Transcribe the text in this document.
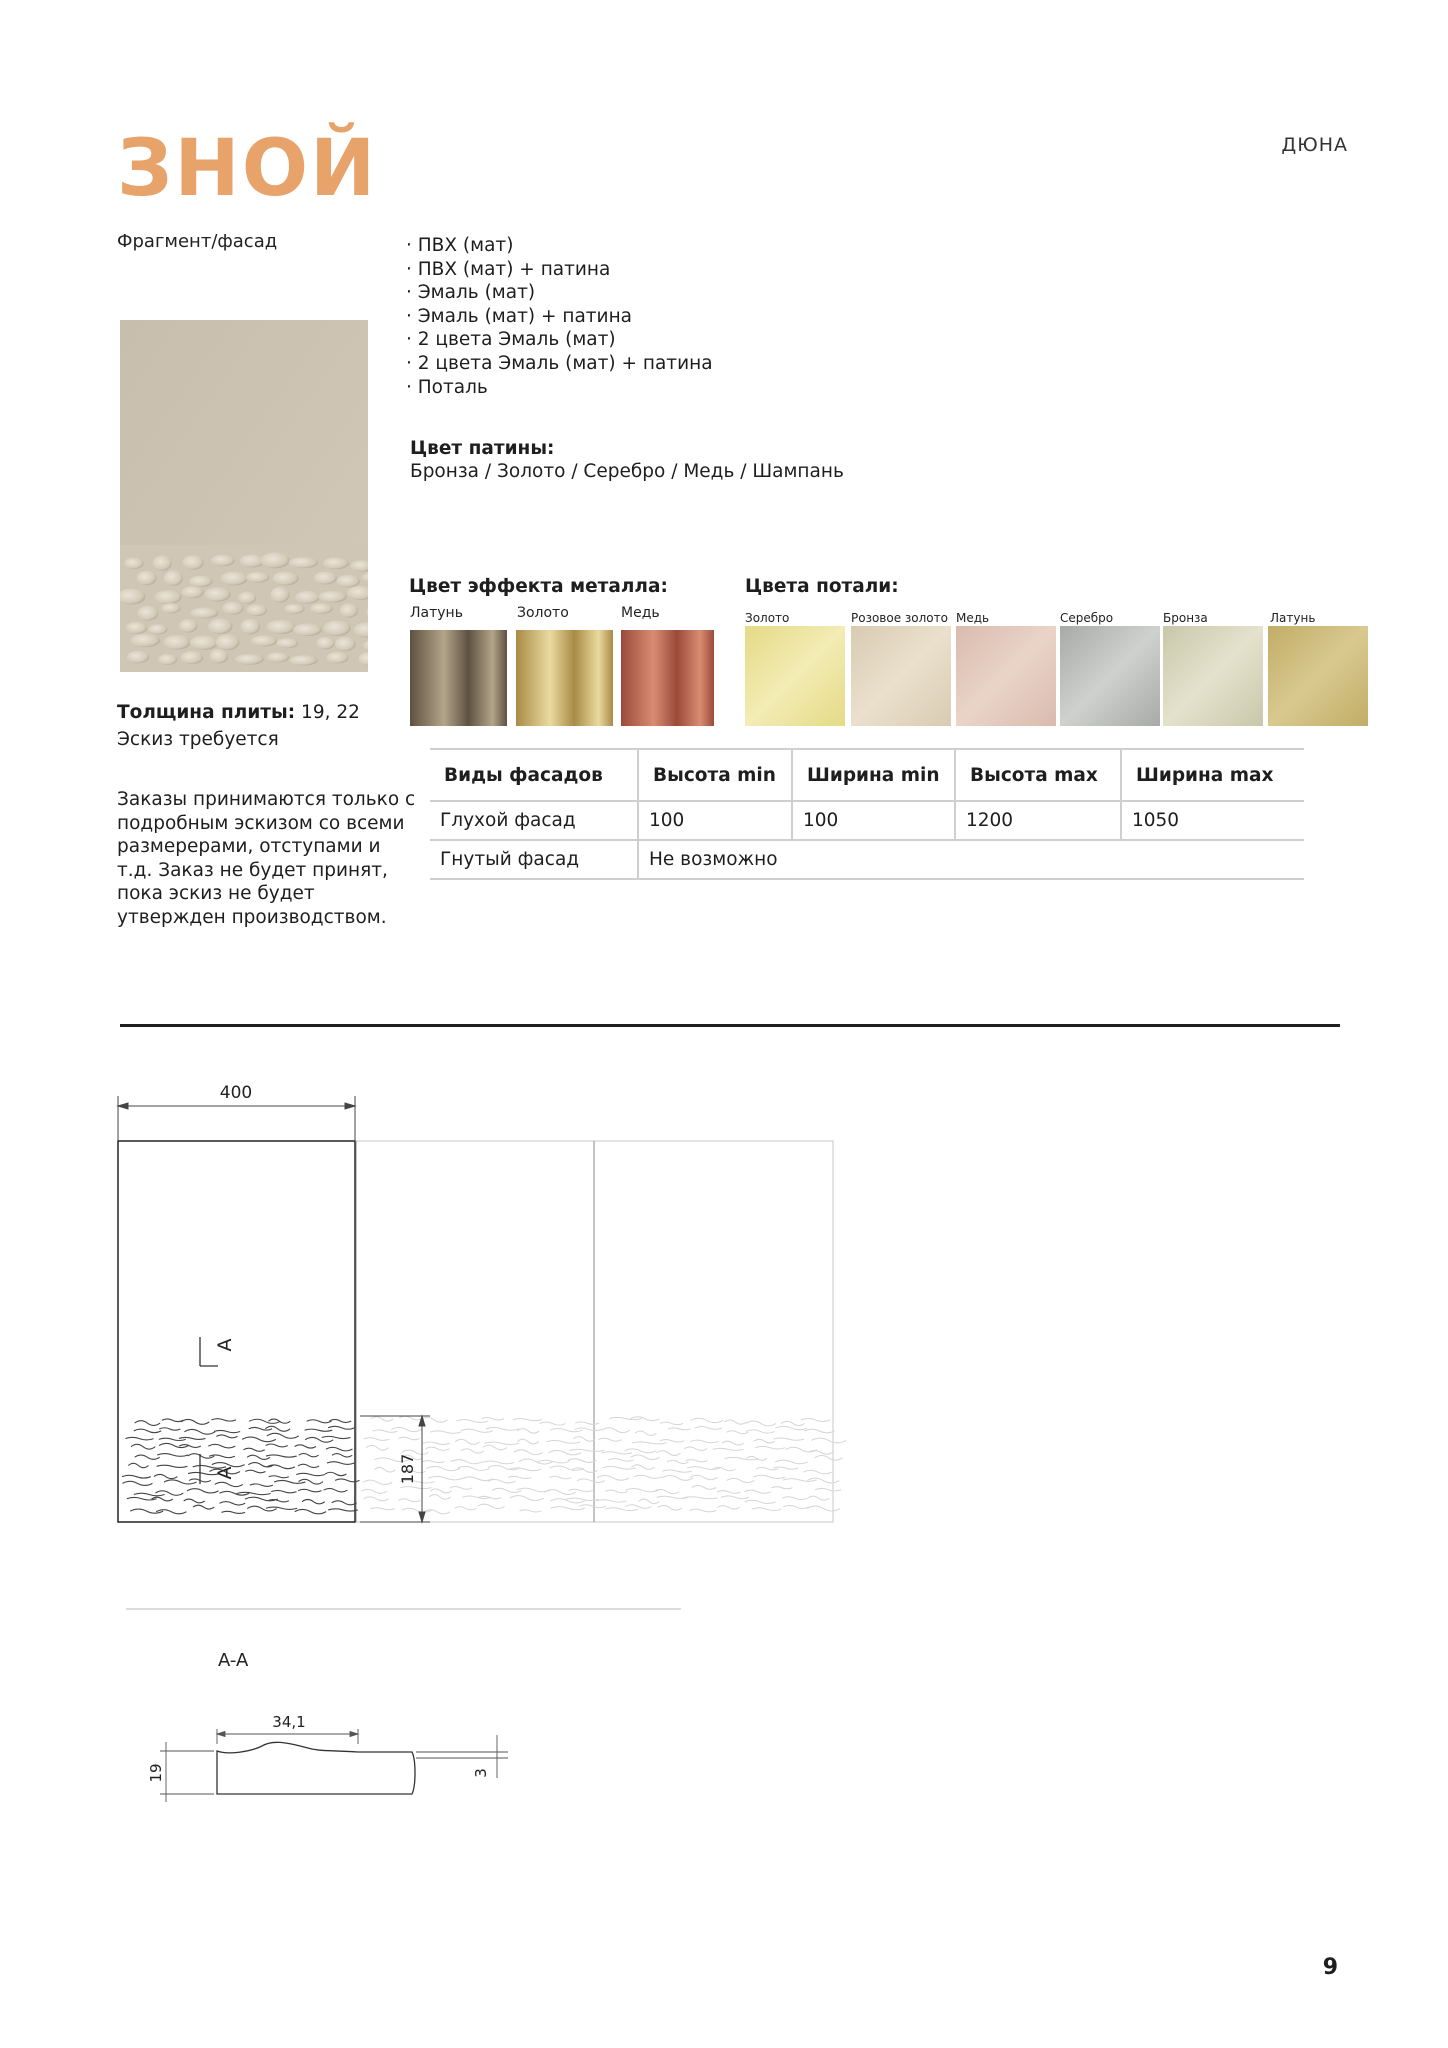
ЗНОЙ	ДЮНА
Фрагмент/фасад	· ПВХ (мат)
· ПВХ (мат) + патина
· Эмаль (мат)
· Эмаль (мат) + патина
· 2 цвета Эмаль (мат)
· 2 цвета Эмаль (мат) + патина
· Поталь
Цвет патины:
Бронза / Золото / Серебро / Медь / Шампань
Цвет эффекта металла:	Цвета потали:
Латунь	Золото	Медь	Золото	Розовое золото Медь	Серебро	Бронза	Латунь
Толщина плиты: 19, 22
Эскиз требуется
Заказы принимаются только с подробным эскизом со всеми размерерами, отступами и т.д. Заказ не будет принят, пока эскиз не будет утвержден производством.
Виды фасадов	Высота min	Ширина min	Высота max	Ширина max
Глухой фасад	100	100	1200	1050
Гнутый фасад	Не возможно			
400
A
A	187
A-A
34,1
19	3
9
